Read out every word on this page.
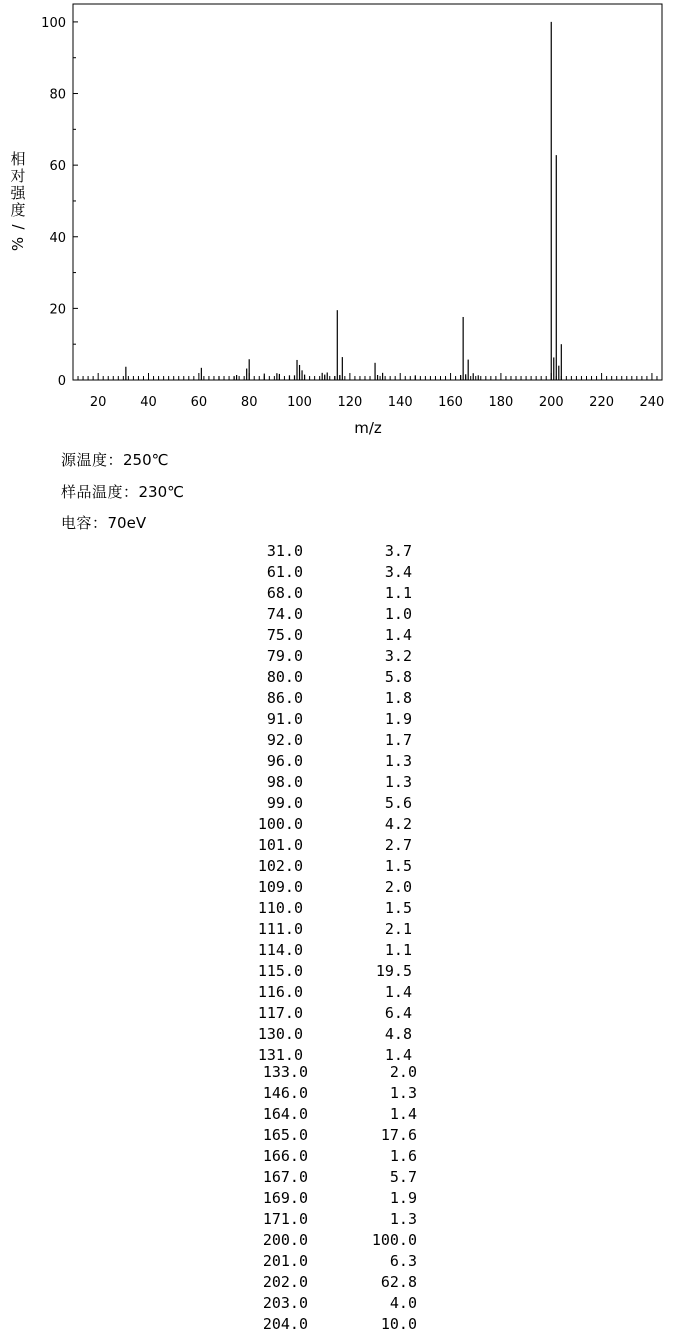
20	40	60	80 100 120 140 160 180 200 220 240
0
20
40
60
80
100
m/z
相
对
强
度
/
%
源温度：250℃
样品温度：230℃
电容：70eV
31.0	3.7
61.0	3.4
68.0	1.1
74.0	1.0
75.0	1.4
79.0	3.2
80.0	5.8
86.0	1.8
91.0	1.9
92.0	1.7
96.0	1.3
98.0	1.3
99.0	5.6
100.0	4.2
101.0	2.7
102.0	1.5
109.0	2.0
110.0	1.5
111.0	2.1
114.0	1.1
115.0	19.5
116.0	1.4
117.0	6.4
130.0	4.8
131.0	1.4
133.0	2.0
146.0	1.3
164.0	1.4
165.0	17.6
166.0	1.6
167.0	5.7
169.0	1.9
171.0	1.3
200.0	100.0
201.0	6.3
202.0	62.8
203.0	4.0
204.0	10.0
